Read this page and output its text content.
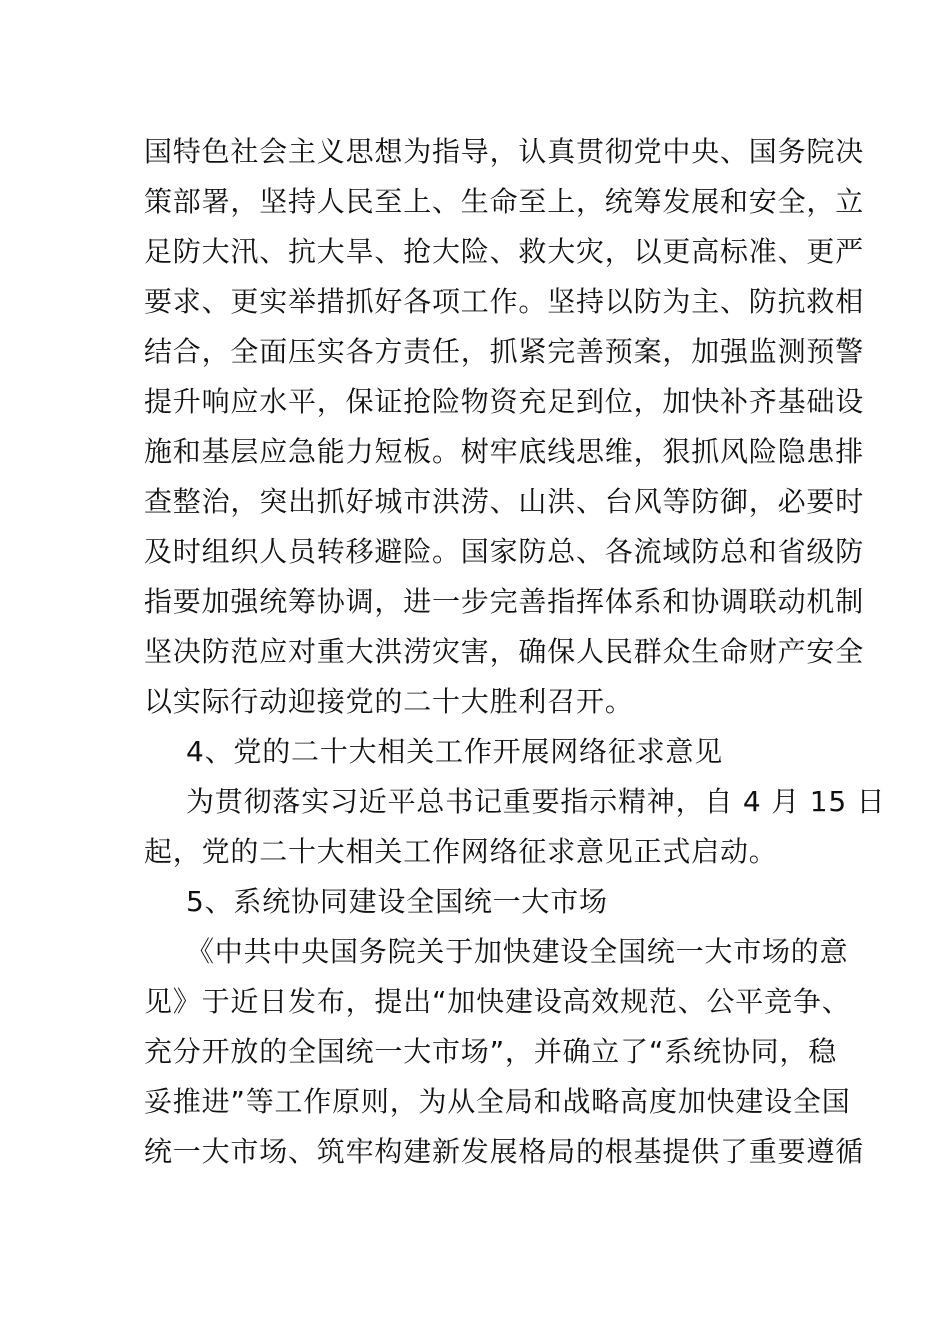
国特色社会主义思想为指导，认真贯彻党中央、国务院决
策部署，坚持人民至上、生命至上，统筹发展和安全，立
足防大汛、抗大旱、抢大险、救大灾，以更高标准、更严
要求、更实举措抓好各项工作。坚持以防为主、防抗救相
结合，全面压实各方责任，抓紧完善预案，加强监测预警
提升响应水平，保证抢险物资充足到位，加快补齐基础设
施和基层应急能力短板。树牢底线思维，狠抓风险隐患排
查整治，突出抓好城市洪涝、山洪、台风等防御，必要时
及时组织人员转移避险。国家防总、各流域防总和省级防
指要加强统筹协调，进一步完善指挥体系和协调联动机制
坚决防范应对重大洪涝灾害，确保人民群众生命财产安全
以实际行动迎接党的二十大胜利召开。
4、党的二十大相关工作开展网络征求意见
为贯彻落实习近平总书记重要指示精神，自 4 月 15 日
起，党的二十大相关工作网络征求意见正式启动。
5、系统协同建设全国统一大市场
《中共中央国务院关于加快建设全国统一大市场的意
见》于近日发布，提出“加快建设高效规范、公平竞争、
充分开放的全国统一大市场”，并确立了“系统协同，稳
妥推进”等工作原则，为从全局和战略高度加快建设全国
统一大市场、筑牢构建新发展格局的根基提供了重要遵循
